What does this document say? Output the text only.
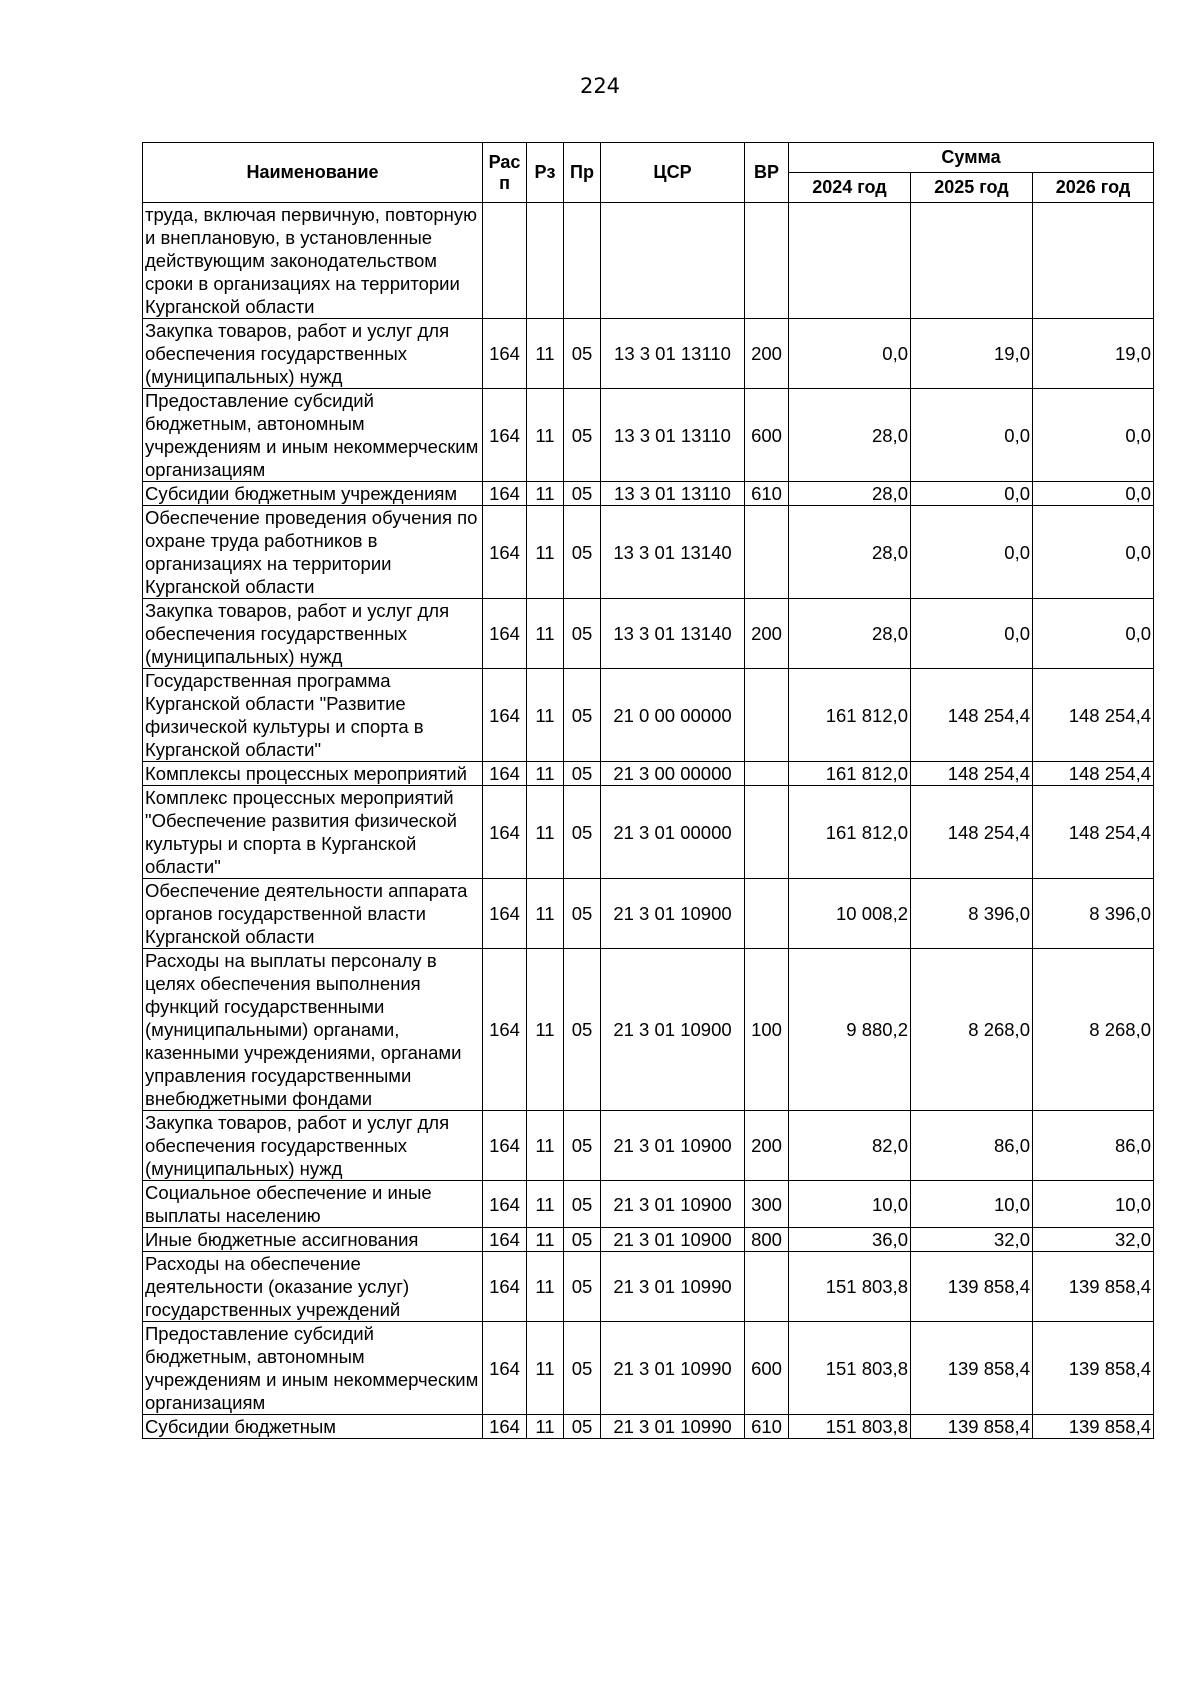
224
Наименование	Рас п	Рз	Пр	ЦСР	ВР	Сумма		
						2024 год	2025 год	2026 год
труда, включая первичную, повторную и внеплановую, в установленные действующим законодательством сроки в организациях на территории Курганской области								
Закупка товаров, работ и услуг для обеспечения государственных (муниципальных) нужд	164	11	05	13 3 01 13110	200	0,0	19,0	19,0
Предоставление субсидий бюджетным, автономным учреждениям и иным некоммерческим организациям	164	11	05	13 3 01 13110	600	28,0	0,0	0,0
Субсидии бюджетным учреждениям	164	11	05	13 3 01 13110	610	28,0	0,0	0,0
Обеспечение проведения обучения по охране труда работников в организациях на территории Курганской области	164	11	05	13 3 01 13140		28,0	0,0	0,0
Закупка товаров, работ и услуг для обеспечения государственных (муниципальных) нужд	164	11	05	13 3 01 13140	200	28,0	0,0	0,0
Государственная программа Курганской области "Развитие физической культуры и спорта в Курганской области"	164	11	05	21 0 00 00000		161 812,0	148 254,4	148 254,4
Комплексы процессных мероприятий	164	11	05	21 3 00 00000		161 812,0	148 254,4	148 254,4
Комплекс процессных мероприятий "Обеспечение развития физической культуры и спорта в Курганской области"	164	11	05	21 3 01 00000		161 812,0	148 254,4	148 254,4
Обеспечение деятельности аппарата органов государственной власти Курганской области	164	11	05	21 3 01 10900		10 008,2	8 396,0	8 396,0
Расходы на выплаты персоналу в целях обеспечения выполнения функций государственными (муниципальными) органами, казенными учреждениями, органами управления государственными внебюджетными фондами	164	11	05	21 3 01 10900	100	9 880,2	8 268,0	8 268,0
Закупка товаров, работ и услуг для обеспечения государственных (муниципальных) нужд	164	11	05	21 3 01 10900	200	82,0	86,0	86,0
Социальное обеспечение и иные выплаты населению	164	11	05	21 3 01 10900	300	10,0	10,0	10,0
Иные бюджетные ассигнования	164	11	05	21 3 01 10900	800	36,0	32,0	32,0
Расходы на обеспечение деятельности (оказание услуг) государственных учреждений	164	11	05	21 3 01 10990		151 803,8	139 858,4	139 858,4
Предоставление субсидий бюджетным, автономным учреждениям и иным некоммерческим организациям	164	11	05	21 3 01 10990	600	151 803,8	139 858,4	139 858,4
Субсидии бюджетным	164	11	05	21 3 01 10990	610	151 803,8	139 858,4	139 858,4
